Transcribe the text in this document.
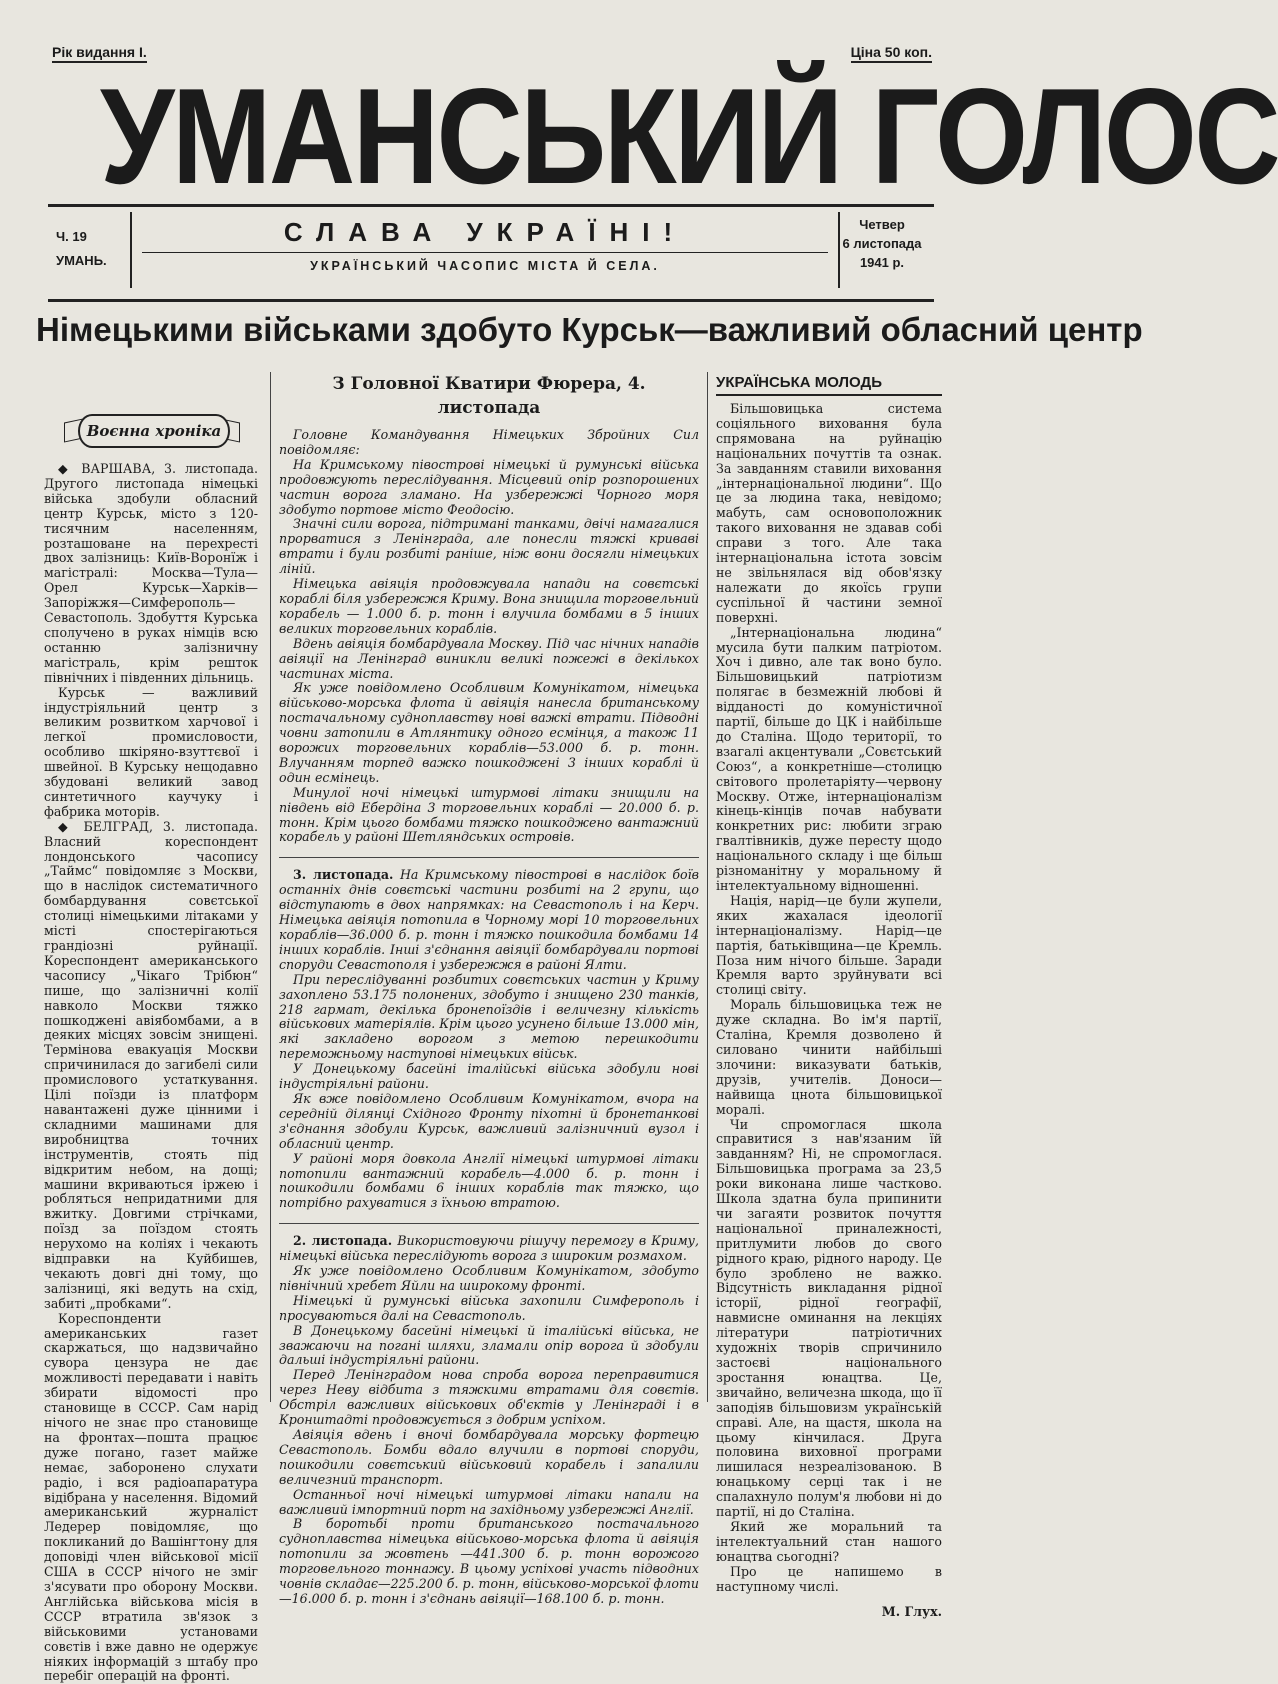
Рік видання І.	Ціна 50 коп.
УМАНСЬКИЙ ГОЛОС
Ч. 19
УМАНЬ.
СЛАВА УКРАЇНІ!
УКРАЇНСЬКИЙ ЧАСОПИС МІСТА Й СЕЛА.
Четвер
6 листопада
1941 р.
Німецькими військами здобуто Курськ—важливий обласний центр
Воєнна хроніка

◆ ВАРШАВА, 3. листопада. Другого листопада німецькі війська здобули обласний центр Курськ, місто з 120-тисячним населенням, розташоване на перехресті двох залізниць: Київ-Воронїж і магістралі: Москва—Тула—Орел Курськ—Харків—Запоріжжя—Симферополь—Севастополь. Здобуття Курська сполучено в руках німців всю останню залізничну магістраль, крім решток північних і південних дільниць.

Курськ — важливий індустріяльний центр з великим розвитком харчової і легкої промисловости, особливо шкіряно-взуттєвої і швейної. В Курську нещодавно збудовані великий завод синтетичного каучуку і фабрика моторів.

◆ БЕЛГРАД, 3. листопада. Власний кореспондент лондонського часопису „Таймс“ повідомляє з Москви, що в наслідок систематичного бомбардування совєтської столиці німецькими літаками у місті спостерігаються грандіозні руйнації. Кореспондент американського часопису „Чікаго Трібюн“ пише, що залізничні колії навколо Москви тяжко пошкоджені авіябомбами, а в деяких місцях зовсім знищені. Термінова евакуація Москви спричинилася до загибелі сили промислового устаткування. Цілі поїзди із платформ навантажені дуже цінними і складними машинами для виробництва точних інструментів, стоять під відкритим небом, на дощі; машини вкриваються іржею і робляться непридатними для вжитку. Довгими стрічками, поїзд за поїздом стоять нерухомо на коліях і чекають відправки на Куйбишев, чекають довгі дні тому, що залізниці, які ведуть на схід, забиті „пробками“.

Кореспонденти американських газет скаржаться, що надзвичайно сувора цензура не дає можливості передавати і навіть збирати відомості про становище в СССР. Сам нарід нічого не знає про становище на фронтах—пошта працює дуже погано, газет майже немає, заборонено слухати радіо, і вся радіоапаратура відібрана у населення. Відомий американський журналіст Ледерер повідомляє, що покликаний до Вашінгтону для доповіді член військової місії США в СССР нічого не зміг з'ясувати про оборону Москви. Англійська військова місія в СССР втратила зв'язок з військовими установами совєтів і вже давно не одержує ніяких інформацій з штабу про перебіг операцій на фронті.

З Головної Кватири Фюрера, 4. листопада

Головне Командування Німецьких Збройних Сил повідомляє:

На Кримському півострові німецькі й румунські війська продовжують переслідування. Місцевий опір розпорошених частин ворога зламано. На узбережжі Чорного моря здобуто портове місто Феодосію.

Значні сили ворога, підтримані танками, двічі намагалися прорватися з Ленінграда, але понесли тяжкі криваві втрати і були розбиті раніше, ніж вони досягли німецьких ліній.

Німецька авіяція продовжувала напади на совєтські кораблі біля узбережжя Криму. Вона знищила торговельний корабель — 1.000 б. р. тонн і влучила бомбами в 5 інших великих торговельних кораблів.

Вдень авіяція бомбардувала Москву. Під час нічних нападів авіяції на Ленінград виникли великі пожежі в декількох частинах міста.

Як уже повідомлено Особливим Комунікатом, німецька військово-морська флота й авіяція нанесла британському постачальному судноплавству нові важкі втрати. Підводні човни затопили в Атлянтику одного есмінця, а також 11 ворожих торговельних кораблів—53.000 б. р. тонн. Влучанням торпед важко пошкоджені 3 інших кораблі й один есмінець.

Минулої ночі німецькі штурмові літаки знищили на південь від Ебердіна 3 торговельних кораблі — 20.000 б. р. тонн. Крім цього бомбами тяжко пошкоджено вантажний корабель у районі Шетляндських островів.

3. листопада. На Кримському півострові в наслідок боїв останніх днів совєтські частини розбиті на 2 групи, що відступають в двох напрямках: на Севастополь і на Керч. Німецька авіяція потопила в Чорному морі 10 торговельних кораблів—36.000 б. р. тонн і тяжко пошкодила бомбами 14 інших кораблів. Інші з'єднання авіяції бомбардували портові споруди Севастополя і узбережжя в районі Ялти.

При переслідуванні розбитих совєтських частин у Криму захоплено 53.175 полонених, здобуто і знищено 230 танків, 218 гармат, декілька бронепоїздів і величезну кількість військових матеріялів. Крім цього усунено більше 13.000 мін, які закладено ворогом з метою перешкодити переможньому наступові німецьких військ.

У Донецькому басейні італійські війська здобули нові індустріяльні райони.

Як вже повідомлено Особливим Комунікатом, вчора на середній ділянці Східного Фронту піхотні й бронетанкові з'єднання здобули Курськ, важливий залізничний вузол і обласний центр.

У районі моря довкола Англії німецькі штурмові літаки потопили вантажний корабель—4.000 б. р. тонн і пошкодили бомбами 6 інших кораблів так тяжко, що потрібно рахуватися з їхньою втратою.

2. листопада. Використовуючи рішучу перемогу в Криму, німецькі війська переслідують ворога з широким розмахом.

Як уже повідомлено Особливим Комунікатом, здобуто північний хребет Яйли на широкому фронті.

Німецькі й румунські війська захопили Симферополь і просуваються далі на Севастополь.

В Донецькому басейні німецькі й італійські війська, не зважаючи на погані шляхи, зламали опір ворога й здобули дальші індустріяльні райони.

Перед Ленінградом нова спроба ворога переправитися через Неву відбита з тяжкими втратами для совєтів. Обстріл важливих військових об'єктів у Ленінграді і в Кронштадті продовжується з добрим успіхом.

Авіяція вдень і вночі бомбардувала морську фортецю Севастополь. Бомби вдало влучили в портові споруди, пошкодили совєтський військовий корабель і запалили величезний транспорт.

Останньої ночі німецькі штурмові літаки напали на важливий імпортний порт на західньому узбережжі Англії.

В боротьбі проти британського постачального судноплавства німецька військово-морська флота й авіяція потопили за жовтень —441.300 б. р. тонн ворожого торговельного тоннажу. В цьому успіхові участь підводних човнів складає—225.200 б. р. тонн, військово-морської флоти—16.000 б. р. тонн і з'єднань авіяції—168.100 б. р. тонн.

УКРАЇНСЬКА МОЛОДЬ

Більшовицька система соціяльного виховання була спрямована на руйнацію національних почуттів та ознак. За завданням ставили виховання „інтернаціональної людини“. Що це за людина така, невідомо; мабуть, сам основоположник такого виховання не здавав собі справи з того. Але така інтернаціональна істота зовсім не звільнялася від обов'язку належати до якоїсь групи суспільної й частини земної поверхні.

„Інтернаціональна людина“ мусила бути палким патріотом. Хоч і дивно, але так воно було. Більшовицький патріотизм полягає в безмежній любові й відданості до комуністичної партії, більше до ЦК і найбільше до Сталіна. Щодо території, то взагалі акцентували „Совєтський Союз“, а конкретніше—столицю світового пролетаріяту—червону Москву. Отже, інтернаціоналізм кінець-кінців почав набувати конкретних рис: любити зграю гвалтівників, дуже пересту щодо національного складу і ще більш різноманітну у моральному й інтелектуальному відношенні.

Нація, нарід—це були жупели, яких жахалася ідеології інтернаціоналізму. Нарід—це партія, батьківщина—це Кремль. Поза ним нічого більше. Заради Кремля варто зруйнувати всі столиці світу.

Мораль більшовицька теж не дуже складна. Во ім'я партії, Сталіна, Кремля дозволено й силовано чинити найбільші злочини: виказувати батьків, друзів, учителів. Доноси—найвища цнота більшовицької моралі.

Чи спромоглася школа справитися з нав'язаним їй завданням? Ні, не спромоглася. Більшовицька програма за 23,5 роки виконана лише частково. Школа здатна була припинити чи загаяти розвиток почуття національної приналежності, притлумити любов до свого рідного краю, рідного народу. Це було зроблено не важко. Відсутність викладання рідної історії, рідної географії, навмисне оминання на лекціях літератури патріотичних художніх творів спричинило застоєві національного зростання юнацтва. Це, звичайно, величезна шкода, що її заподіяв більшовизм українській справі. Але, на щастя, школа на цьому кінчилася. Друга половина виховної програми лишилася незреалізованою. В юнацькому серці так і не спалахнуло полум'я любови ні до партії, ні до Сталіна.

Який же моральний та інтелектуальний стан нашого юнацтва сьогодні?

Про це напишемо в наступному числі.

М. Глух.
